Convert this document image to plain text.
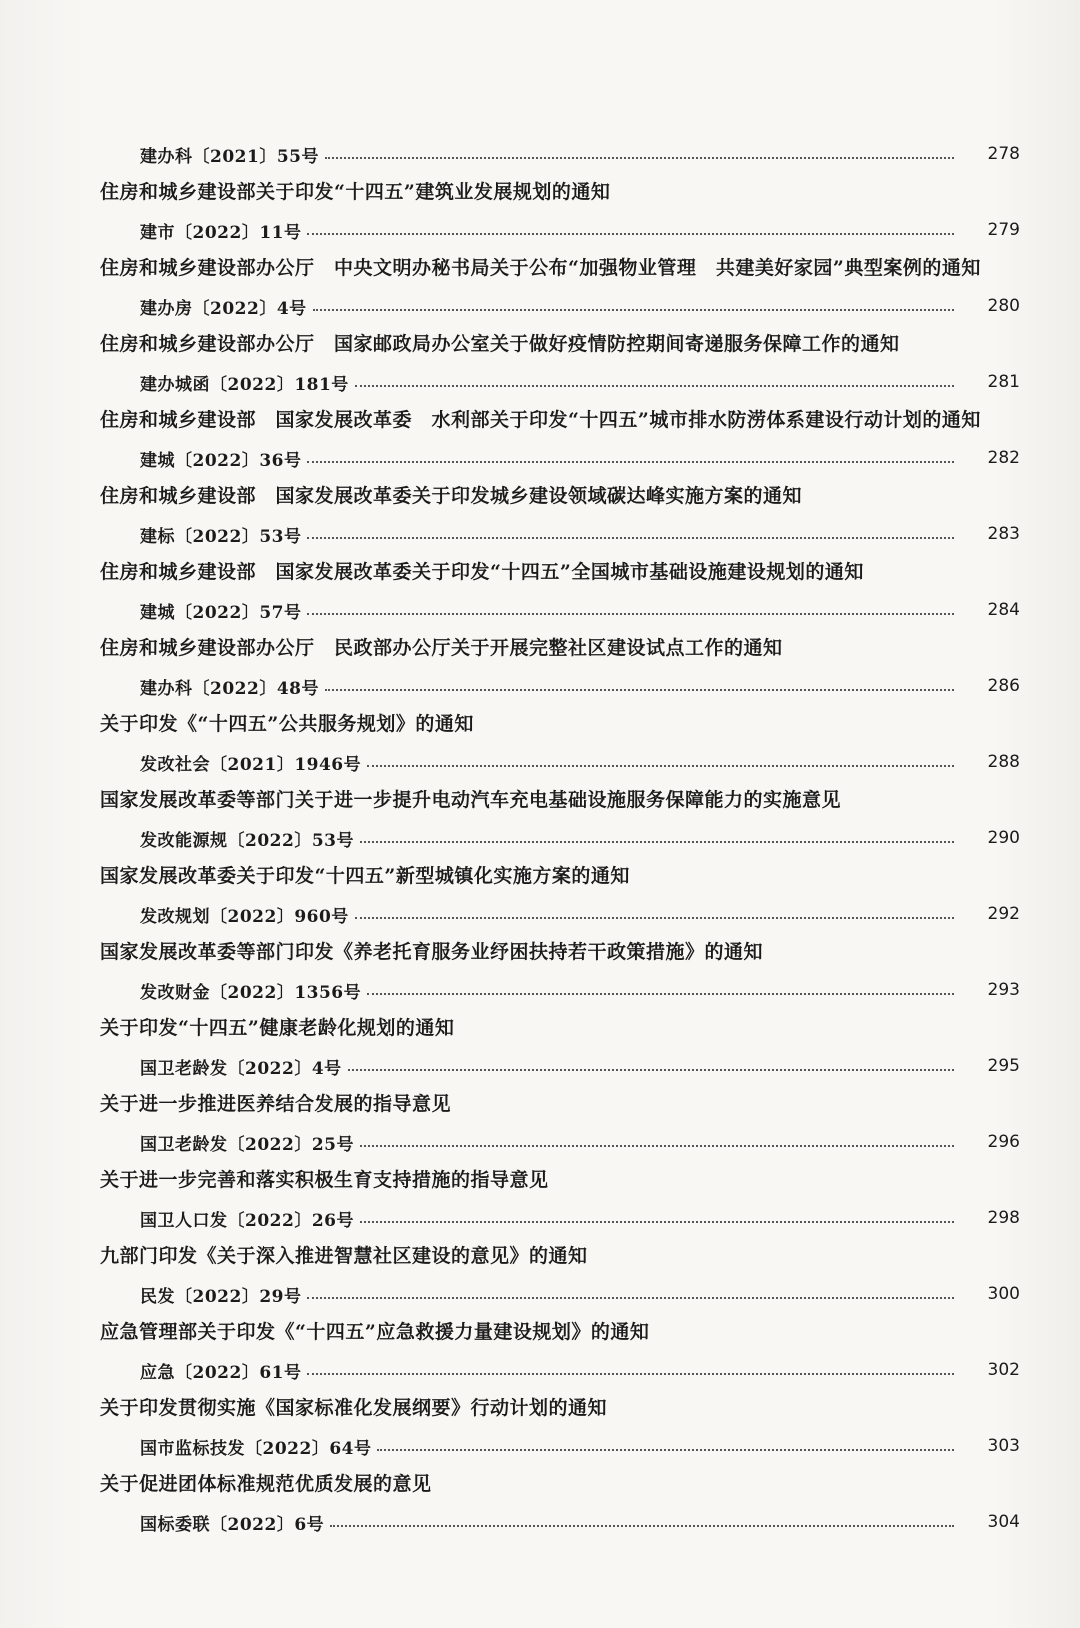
建办科〔2021〕55号	278
住房和城乡建设部关于印发“十四五”建筑业发展规划的通知
建市〔2022〕11号	279
住房和城乡建设部办公厅　中央文明办秘书局关于公布“加强物业管理　共建美好家园”典型案例的通知
建办房〔2022〕4号	280
住房和城乡建设部办公厅　国家邮政局办公室关于做好疫情防控期间寄递服务保障工作的通知
建办城函〔2022〕181号	281
住房和城乡建设部　国家发展改革委　水利部关于印发“十四五”城市排水防涝体系建设行动计划的通知
建城〔2022〕36号	282
住房和城乡建设部　国家发展改革委关于印发城乡建设领域碳达峰实施方案的通知
建标〔2022〕53号	283
住房和城乡建设部　国家发展改革委关于印发“十四五”全国城市基础设施建设规划的通知
建城〔2022〕57号	284
住房和城乡建设部办公厅　民政部办公厅关于开展完整社区建设试点工作的通知
建办科〔2022〕48号	286
关于印发《“十四五”公共服务规划》的通知
发改社会〔2021〕1946号	288
国家发展改革委等部门关于进一步提升电动汽车充电基础设施服务保障能力的实施意见
发改能源规〔2022〕53号	290
国家发展改革委关于印发“十四五”新型城镇化实施方案的通知
发改规划〔2022〕960号	292
国家发展改革委等部门印发《养老托育服务业纾困扶持若干政策措施》的通知
发改财金〔2022〕1356号	293
关于印发“十四五”健康老龄化规划的通知
国卫老龄发〔2022〕4号	295
关于进一步推进医养结合发展的指导意见
国卫老龄发〔2022〕25号	296
关于进一步完善和落实积极生育支持措施的指导意见
国卫人口发〔2022〕26号	298
九部门印发《关于深入推进智慧社区建设的意见》的通知
民发〔2022〕29号	300
应急管理部关于印发《“十四五”应急救援力量建设规划》的通知
应急〔2022〕61号	302
关于印发贯彻实施《国家标准化发展纲要》行动计划的通知
国市监标技发〔2022〕64号	303
关于促进团体标准规范优质发展的意见
国标委联〔2022〕6号	304
